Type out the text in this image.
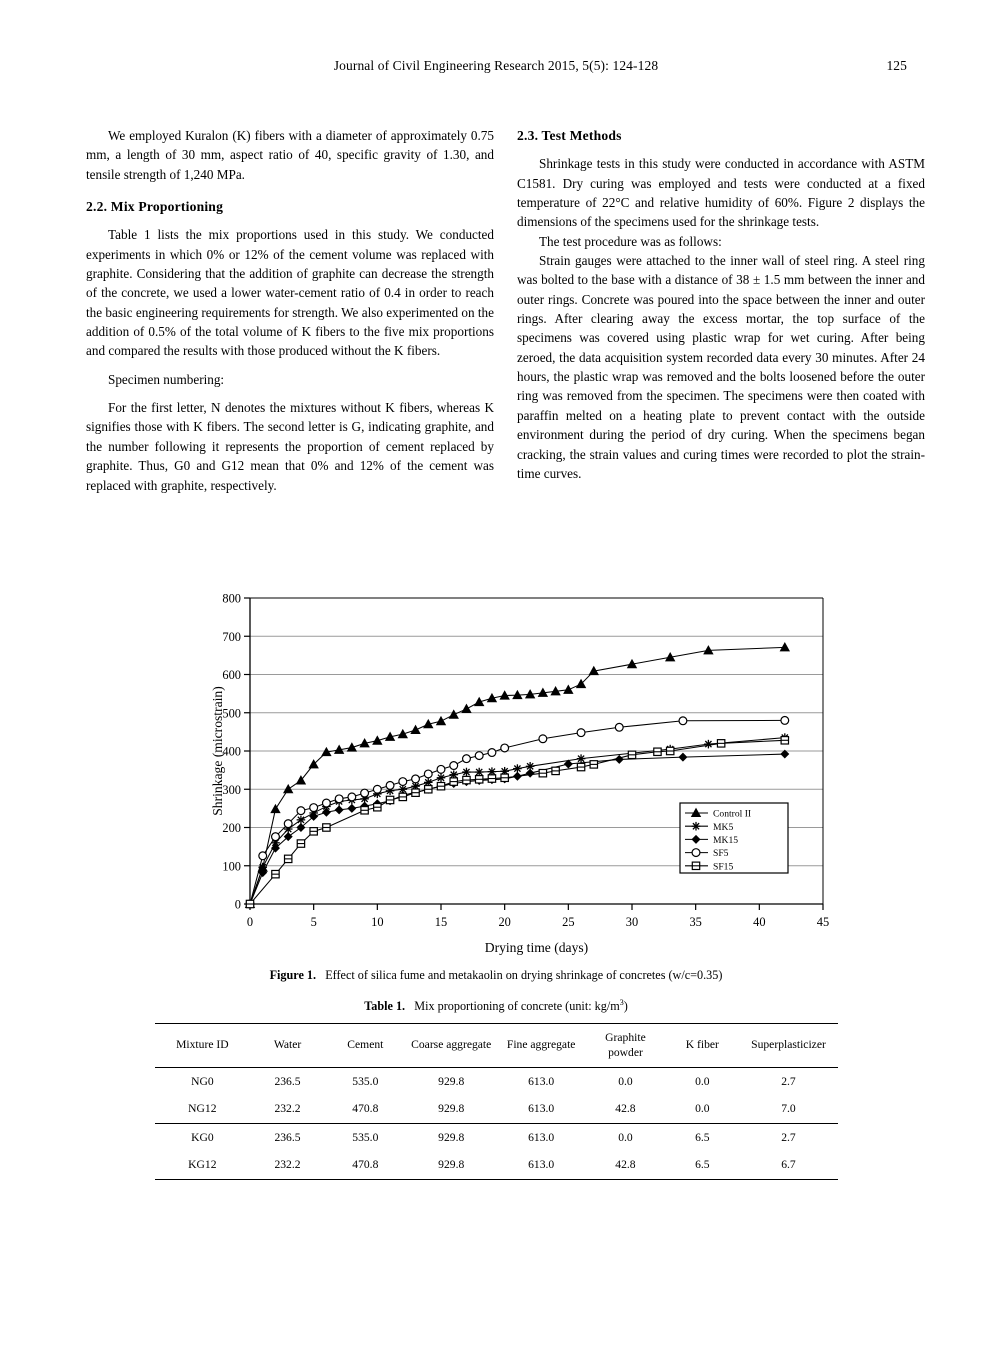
Journal of Civil Engineering Research 2015, 5(5): 124-128	125

We employed Kuralon (K) fibers with a diameter of approximately 0.75 mm, a length of 30 mm, aspect ratio of 40, specific gravity of 1.30, and tensile strength of 1,240 MPa.

2.2. Mix Proportioning

Table 1 lists the mix proportions used in this study. We conducted experiments in which 0% or 12% of the cement volume was replaced with graphite. Considering that the addition of graphite can decrease the strength of the concrete, we used a lower water-cement ratio of 0.4 in order to reach the basic engineering requirements for strength. We also experimented on the addition of 0.5% of the total volume of K fibers to the five mix proportions and compared the results with those produced without the K fibers.

Specimen numbering:

For the first letter, N denotes the mixtures without K fibers, whereas K signifies those with K fibers. The second letter is G, indicating graphite, and the number following it represents the proportion of cement replaced by graphite. Thus, G0 and G12 mean that 0% and 12% of the cement was replaced with graphite, respectively.

2.3. Test Methods

Shrinkage tests in this study were conducted in accordance with ASTM C1581. Dry curing was employed and tests were conducted at a fixed temperature of 22°C and relative humidity of 60%. Figure 2 displays the dimensions of the specimens used for the shrinkage tests.

The test procedure was as follows:

Strain gauges were attached to the inner wall of steel ring. A steel ring was bolted to the base with a distance of 38 ± 1.5 mm between the inner and outer rings. Concrete was poured into the space between the inner and outer rings. After clearing away the excess mortar, the top surface of the specimens was covered using plastic wrap for wet curing. After being zeroed, the data acquisition system recorded data every 30 minutes. After 24 hours, the plastic wrap was removed and the bolts loosened before the outer ring was removed from the specimen. The specimens were then coated with paraffin melted on a heating plate to prevent contact with the outside environment during the period of dry curing. When the specimens began cracking, the strain values and curing times were recorded to plot the strain-time curves.

0
100
200
300
400
500
600
700
800
0	5	10	15	20	25	30	35	40	45
Drying time (days)
Shrinkage (microstrain)	Control II
MK5
MK15
SF5
SF15
Figure 1. Effect of silica fume and metakaolin on drying shrinkage of concretes (w/c=0.35)
Table 1. Mix proportioning of concrete (unit: $kg/m^3$)
Mixture ID	Water	Cement	Coarse aggregate	Fine aggregate	Graphite powder	K fiber	Superplasticizer
NG0	236.5	535.0	929.8	613.0	0.0	0.0	2.7
NG12	232.2	470.8	929.8	613.0	42.8	0.0	7.0
KG0	236.5	535.0	929.8	613.0	0.0	6.5	2.7
KG12	232.2	470.8	929.8	613.0	42.8	6.5	6.7
